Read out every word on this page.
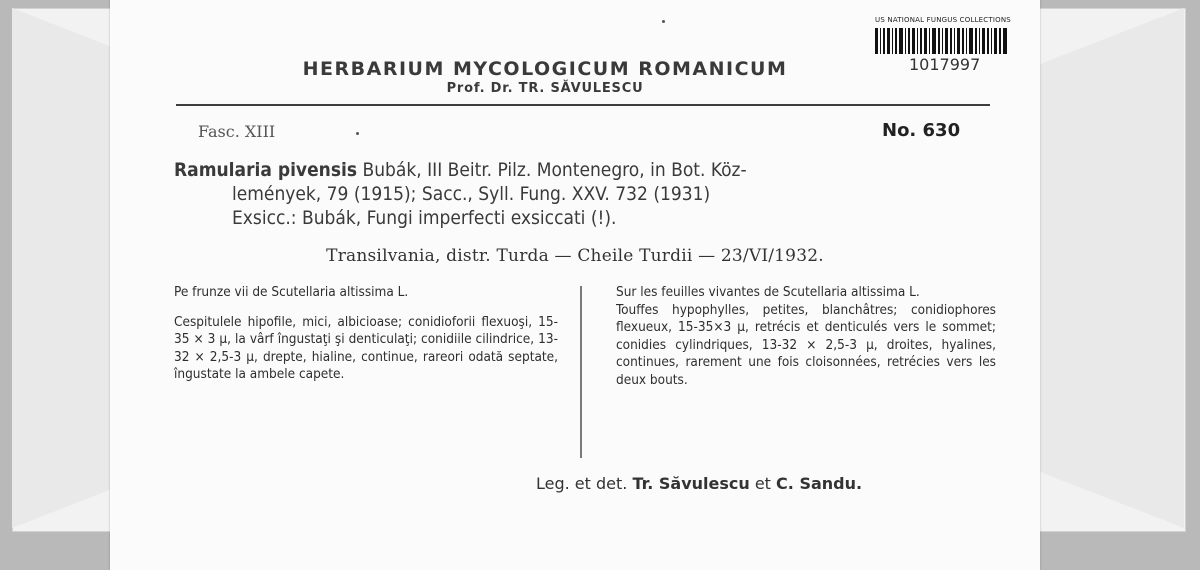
US NATIONAL FUNGUS COLLECTIONS
1017997
HERBARIUM MYCOLOGICUM ROMANICUM
Prof. Dr. TR. SĂVULESCU
Fasc. XIII	No. 630
Ramularia pivensis Bubák, III Beitr. Pilz. Montenegro, in Bot. Köz-
lemények, 79 (1915); Sacc., Syll. Fung. XXV. 732 (1931)
Exsicc.: Bubák, Fungi imperfecti exsiccati (!).
Transilvania, distr. Turda — Cheile Turdii — 23/VI/1932.

Pe frunze vii de Scutellaria altissima L.

Cespitulele hipofile, mici, albicioase; conidioforii flexuoşi, 15-35 × 3 μ, la vârf îngustaţi şi denticulaţi; conidiile cilindrice, 13-32 × 2,5-3 μ, drepte, hialine, continue, rareori odată septate, îngustate la ambele capete.

Sur les feuilles vivantes de Scutellaria altissima L.

Touffes hypophylles, petites, blanchâtres; conidiophores flexueux, 15-35×3 μ, retrécis et denticulés vers le sommet; conidies cylindriques, 13-32 × 2,5-3 μ, droites, hyalines, continues, rarement une fois cloisonnées, retrécies vers les deux bouts.

Leg. et det. Tr. Săvulescu et C. Sandu.
